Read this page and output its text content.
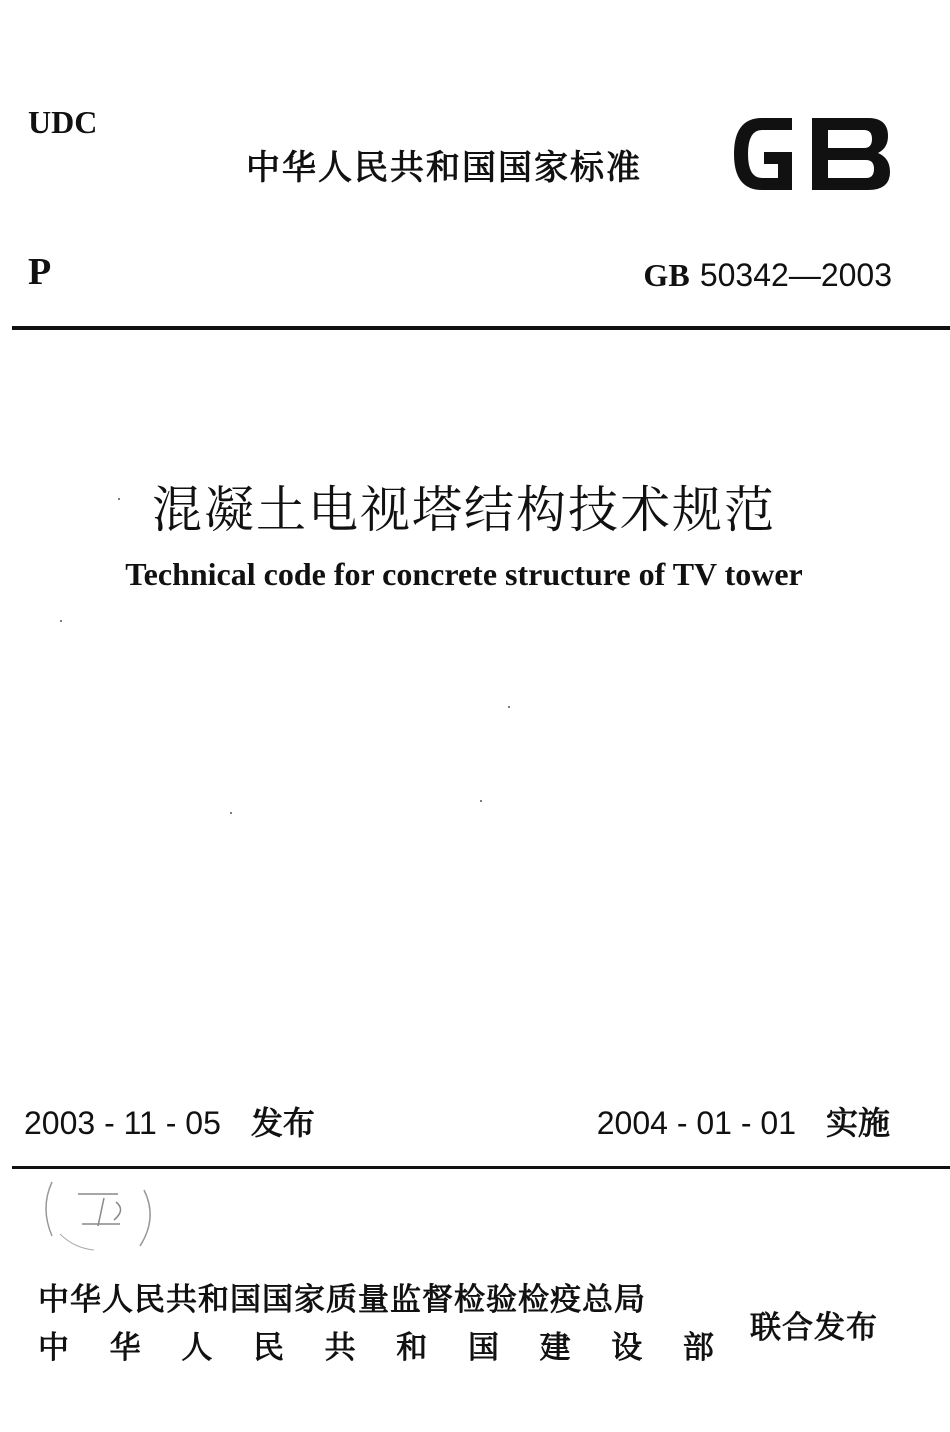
UDC
中华人民共和国国家标准
P	GB 50342—2003
混凝土电视塔结构技术规范
Technical code for concrete structure of TV tower
2003 - 11 - 05 发布	2004 - 01 - 01 实施
中华人民共和国国家质量监督检验检疫总局
中 华 人 民 共 和 国 建 设 部
联合发布
